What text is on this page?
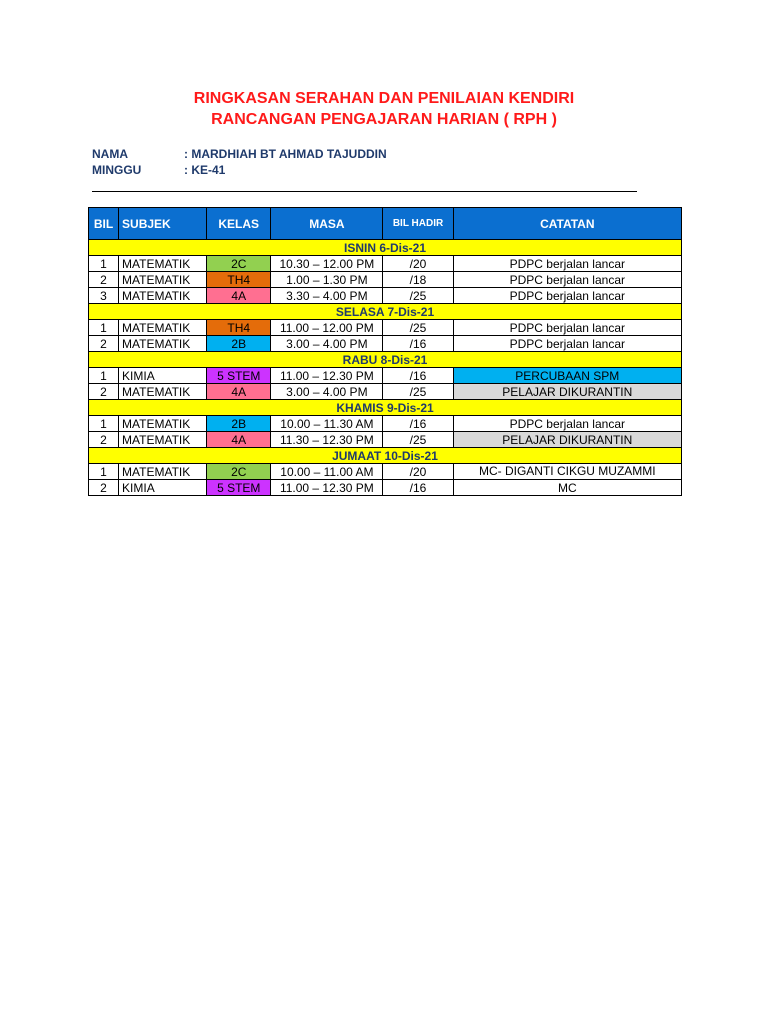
RINGKASAN SERAHAN DAN PENILAIAN KENDIRI
RANCANGAN PENGAJARAN HARIAN ( RPH )
NAMA	: MARDHIAH BT AHMAD TAJUDDIN
MINGGU	: KE-41
BIL	SUBJEK	KELAS	MASA	BIL HADIR	CATATAN
ISNIN 6-Dis-21					
1	MATEMATIK	2C	10.30 – 12.00 PM	/20	PDPC berjalan lancar
2	MATEMATIK	TH4	1.00 – 1.30 PM	/18	PDPC berjalan lancar
3	MATEMATIK	4A	3.30 – 4.00 PM	/25	PDPC berjalan lancar
SELASA 7-Dis-21					
1	MATEMATIK	TH4	11.00 – 12.00 PM	/25	PDPC berjalan lancar
2	MATEMATIK	2B	3.00 – 4.00 PM	/16	PDPC berjalan lancar
RABU 8-Dis-21					
1	KIMIA	5 STEM	11.00 – 12.30 PM	/16	PERCUBAAN SPM
2	MATEMATIK	4A	3.00 – 4.00 PM	/25	PELAJAR DIKURANTIN
KHAMIS 9-Dis-21					
1	MATEMATIK	2B	10.00 – 11.30 AM	/16	PDPC berjalan lancar
2	MATEMATIK	4A	11.30 – 12.30 PM	/25	PELAJAR DIKURANTIN
JUMAAT 10-Dis-21					
1	MATEMATIK	2C	10.00 – 11.00 AM	/20	MC- DIGANTI CIKGU MUZAMMI
2	KIMIA	5 STEM	11.00 – 12.30 PM	/16	MC
